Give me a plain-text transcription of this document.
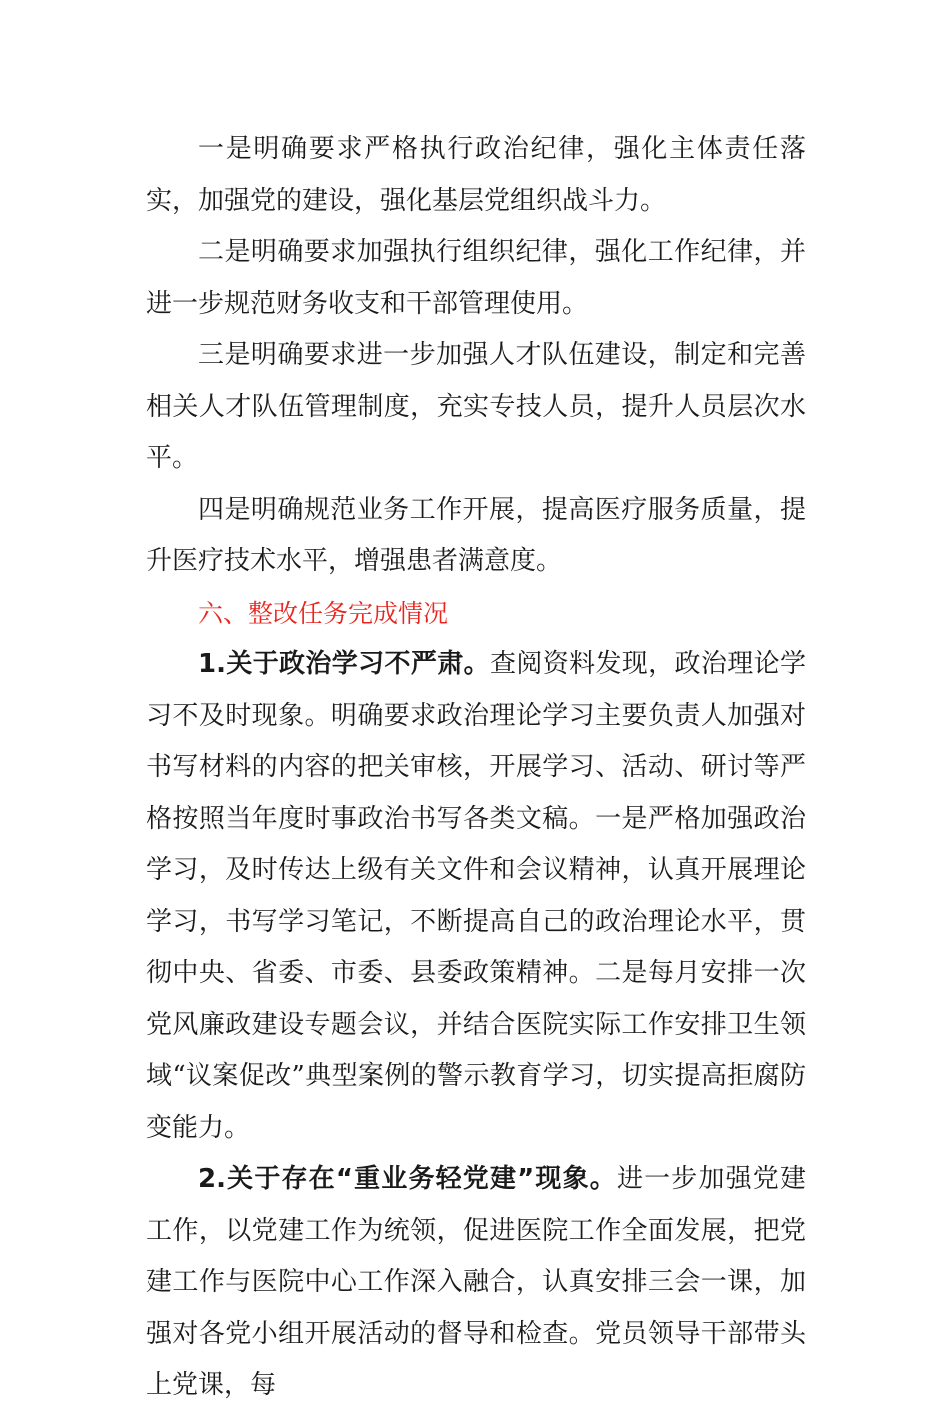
一是明确要求严格执行政治纪律，强化主体责任落实，加强党的建设，强化基层党组织战斗力。

二是明确要求加强执行组织纪律，强化工作纪律，并进一步规范财务收支和干部管理使用。

三是明确要求进一步加强人才队伍建设，制定和完善相关人才队伍管理制度，充实专技人员，提升人员层次水平。

四是明确规范业务工作开展，提高医疗服务质量，提升医疗技术水平，增强患者满意度。

六、整改任务完成情况

1.关于政治学习不严肃。查阅资料发现，政治理论学习不及时现象。明确要求政治理论学习主要负责人加强对书写材料的内容的把关审核，开展学习、活动、研讨等严格按照当年度时事政治书写各类文稿。一是严格加强政治学习，及时传达上级有关文件和会议精神，认真开展理论学习，书写学习笔记，不断提高自己的政治理论水平，贯彻中央、省委、市委、县委政策精神。二是每月安排一次党风廉政建设专题会议，并结合医院实际工作安排卫生领域“议案促改”典型案例的警示教育学习，切实提高拒腐防变能力。

2.关于存在“重业务轻党建”现象。进一步加强党建工作，以党建工作为统领，促进医院工作全面发展，把党建工作与医院中心工作深入融合，认真安排三会一课，加强对各党小组开展活动的督导和检查。党员领导干部带头上党课，每
